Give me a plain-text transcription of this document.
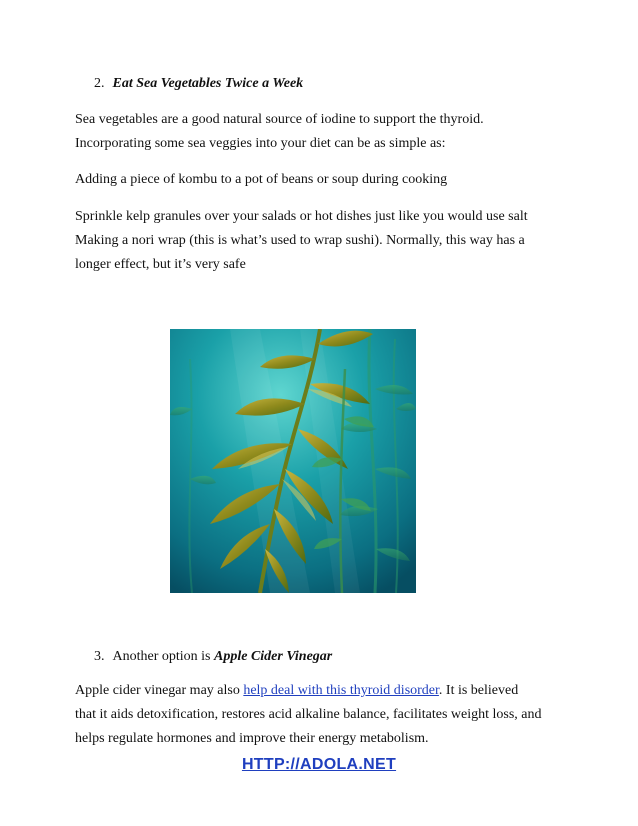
2. Eat Sea Vegetables Twice a Week
Sea vegetables are a good natural source of iodine to support the thyroid.
Incorporating some sea veggies into your diet can be as simple as:
Adding a piece of kombu to a pot of beans or soup during cooking
Sprinkle kelp granules over your salads or hot dishes just like you would use salt
Making a nori wrap (this is what’s used to wrap sushi). Normally, this way has a
longer effect, but it’s very safe
3. Another option is Apple Cider Vinegar
Apple cider vinegar may also help deal with this thyroid disorder. It is believed
that it aids detoxification, restores acid alkaline balance, facilitates weight loss, and
helps regulate hormones and improve their energy metabolism.
HTTP://ADOLA.NET
